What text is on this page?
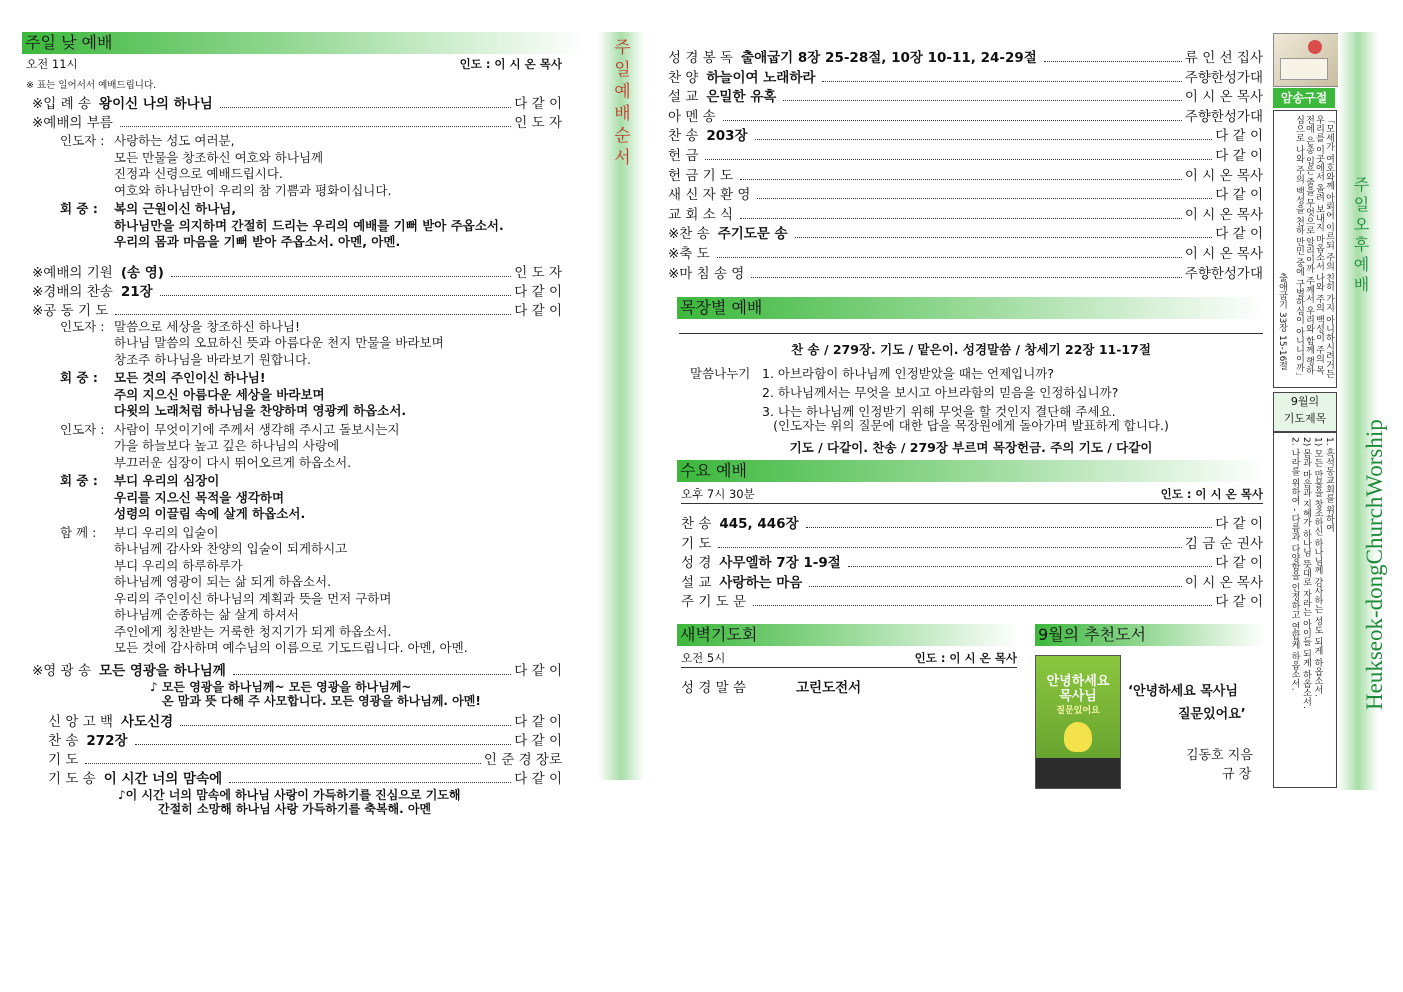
주일 낮 예배
오전 11시	인도 : 이 시 온 목사
※ 표는 일어서서 예배드립니다.
※입 례 송 왕이신 나의 하나님	다 같 이
※예배의 부름	인 도 자
인도자 : 사랑하는 성도 여러분,
모든 만물을 창조하신 여호와 하나님께
진정과 신령으로 예배드립시다.
여호와 하나님만이 우리의 참 기쁨과 평화이십니다.
회 중 : 복의 근원이신 하나님,
하나님만을 의지하며 간절히 드리는 우리의 예배를 기뻐 받아 주옵소서.
우리의 몸과 마음을 기뻐 받아 주옵소서. 아멘, 아멘.
※예배의 기원 (송 영)	인 도 자
※경배의 찬송 21장	다 같 이
※공 동 기 도	다 같 이
인도자 : 말씀으로 세상을 창조하신 하나님!
하나님 말씀의 오묘하신 뜻과 아름다운 천지 만물을 바라보며
창조주 하나님을 바라보기 원합니다.
회 중 : 모든 것의 주인이신 하나님!
주의 지으신 아름다운 세상을 바라보며
다윗의 노래처럼 하나님을 찬양하며 영광케 하옵소서.
인도자 : 사람이 무엇이기에 주께서 생각해 주시고 돌보시는지
가을 하늘보다 높고 깊은 하나님의 사랑에
부끄러운 심장이 다시 뛰어오르게 하옵소서.
회 중 : 부디 우리의 심장이
우리를 지으신 목적을 생각하며
성령의 이끌림 속에 살게 하옵소서.
함 께 : 부디 우리의 입술이
하나님께 감사와 찬양의 입술이 되게하시고
부디 우리의 하루하루가
하나님께 영광이 되는 삶 되게 하옵소서.
우리의 주인이신 하나님의 계획과 뜻을 먼저 구하며
하나님께 순종하는 삶 살게 하셔서
주인에게 칭찬받는 거룩한 청지기가 되게 하옵소서.
모든 것에 감사하며 예수님의 이름으로 기도드립니다. 아멘, 아멘.
※영 광 송 모든 영광을 하나님께	다 같 이
♪ 모든 영광을 하나님께~ 모든 영광을 하나님께~
온 맘과 뜻 다해 주 사모합니다. 모든 영광을 하나님께. 아멘!
신 앙 고 백 사도신경	다 같 이
찬 송 272장	다 같 이
기 도	인 준 경 장로
기 도 송 이 시간 너의 맘속에	다 같 이
♪이 시간 너의 맘속에 하나님 사랑이 가득하기를 진심으로 기도해
간절히 소망해 하나님 사랑 가득하기를 축복해. 아멘
주일예배순서	성 경 봉 독 출애굽기 8장 25-28절, 10장 10-11, 24-29절	류 인 선 집사
찬 양 하늘이여 노래하라	주향한성가대
설 교 은밀한 유혹	이 시 온 목사
아 멘 송	주향한성가대
찬 송 203장	다 같 이
헌 금	다 같 이
헌 금 기 도	이 시 온 목사
새 신 자 환 영	다 같 이
교 회 소 식	이 시 온 목사
※찬 송 주기도문 송	다 같 이
※축 도	이 시 온 목사
※마 침 송 영	주향한성가대
목장별 예배
찬 송 / 279장. 기도 / 맡은이. 성경말씀 / 창세기 22장 11-17절
말씀나누기 1. 아브라함이 하나님께 인정받았을 때는 언제입니까?
2. 하나님께서는 무엇을 보시고 아브라함의 믿음을 인정하십니까?
3. 나는 하나님께 인정받기 위해 무엇을 할 것인지 결단해 주세요.
(인도자는 위의 질문에 대한 답을 목장원에게 돌아가며 발표하게 합니다.)
기도 / 다같이. 찬송 / 279장 부르며 목장헌금. 주의 기도 / 다같이
수요 예배
오후 7시 30분	인도 : 이 시 온 목사
찬 송 445, 446장	다 같 이
기 도	김 금 순 권사
성 경 사무엘하 7장 1-9절	다 같 이
설 교 사랑하는 마음	이 시 온 목사
주 기 도 문	다 같 이
새벽기도회
오전 5시	인도 : 이 시 온 목사
성 경 말 씀	고린도전서
9월의 추천도서
안녕하세요
목사님
질문있어요
‘안녕하세요 목사님
질문있어요’
김동호 지음
규 장
암송구절
「모세가 여호와께 아뢰어 이르되 주의 친히 가지 아니하시려거든 우리를 이곳에서 올려 보내지 마옵소서 나와 주의 백성이 주의 목전에 은총 입은 줄을 무엇으로 알리이까 주께서 우리와 함께 행하심으로 나와 주의 백성을 천하 만민 중에 구별하심이 아니니이까」
출애굽기 33장 15-16절
9월의
기도제목
1. 흑석동교회를 위하여
1) 모든 만물을 창조하신 하나님께 감사하는 성도 되게 하옵소서.
2) 몸과 마음과 지혜가 하나님 뜻대로 자라는 아이들 되게 하옵소서.
2. 나라를 위하여 - 다름과 다양함을 인정하고 연합케 하옵소서.
주일오후예배
Heukseok-dongChurchWorship
